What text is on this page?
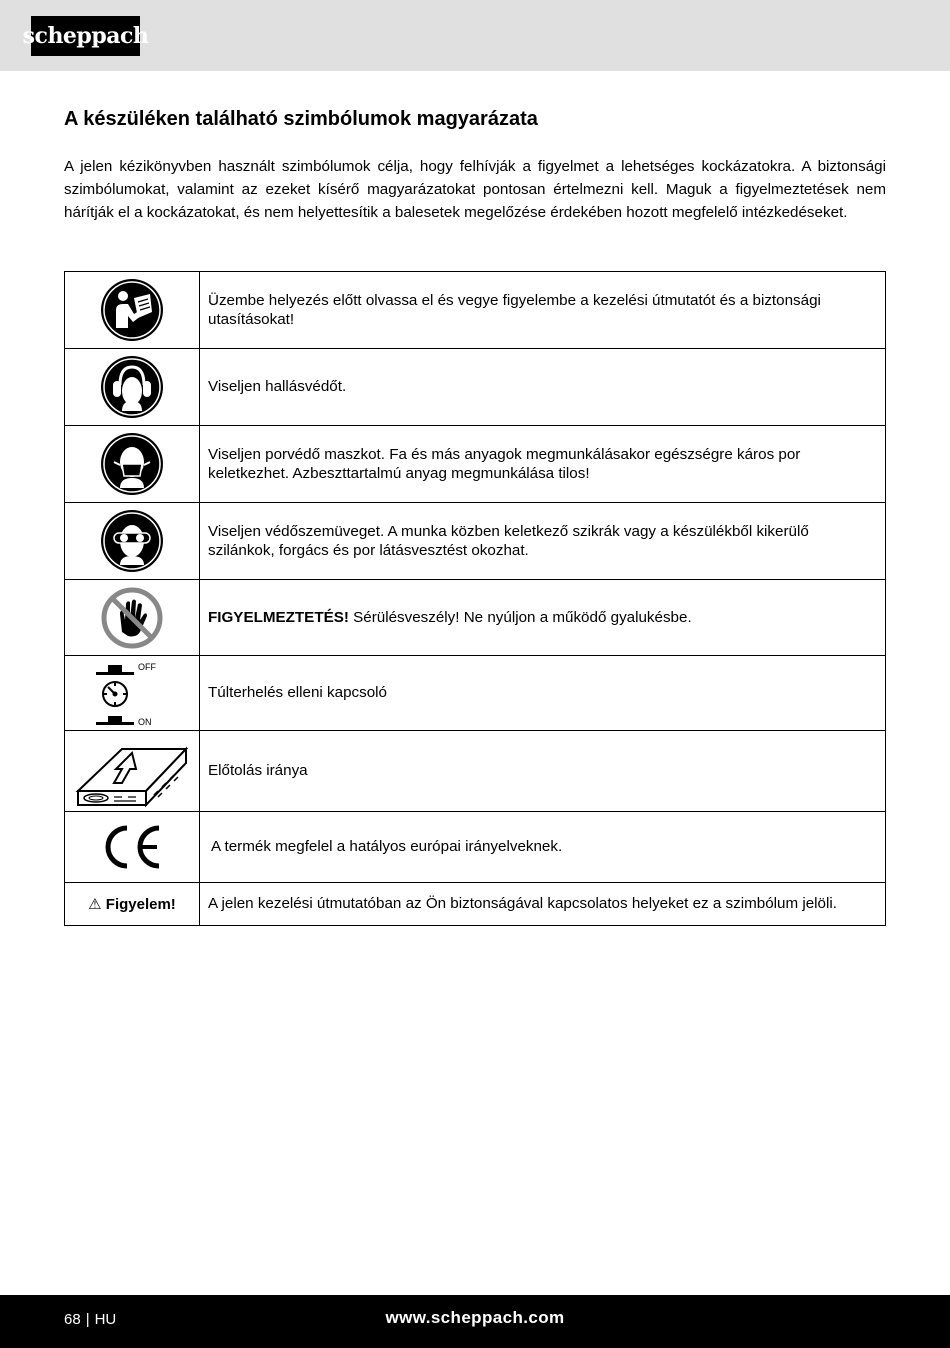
scheppach
A készüléken található szimbólumok magyarázata

A jelen kézikönyvben használt szimbólumok célja, hogy felhívják a figyelmet a lehetséges kockázatokra. A biztonsági szimbólumokat, valamint az ezeket kísérő magyarázatokat pontosan értelmezni kell. Maguk a figyelmeztetések nem hárítják el a kockázatokat, és nem helyettesítik a balesetek megelőzése érdekében hozott megfelelő intézkedéseket.

	Üzembe helyezés előtt olvassa el és vegye figyelembe a kezelési útmutatót és a biztonsági utasításokat!

	Viseljen hallásvédőt.

	Viseljen porvédő maszkot. Fa és más anyagok megmunkálásakor egészségre káros por keletkezhet. Azbeszttartalmú anyag megmunkálása tilos!

	Viseljen védőszemüveget. A munka közben keletkező szikrák vagy a készülékből kikerülő szilánkok, forgács és por látásvesztést okozhat.

	FIGYELMEZTETÉS! Sérülésveszély! Ne nyúljon a működő gyalukésbe.

OFF
ON	Túlterhelés elleni kapcsoló

	Előtolás iránya

	A termék megfelel a hatályos európai irányelveknek.
⚠ Figyelem!	A jelen kezelési útmutatóban az Ön biztonságával kapcsolatos helyeket ez a szimbólum jelöli.
68 | HU	www.scheppach.com
